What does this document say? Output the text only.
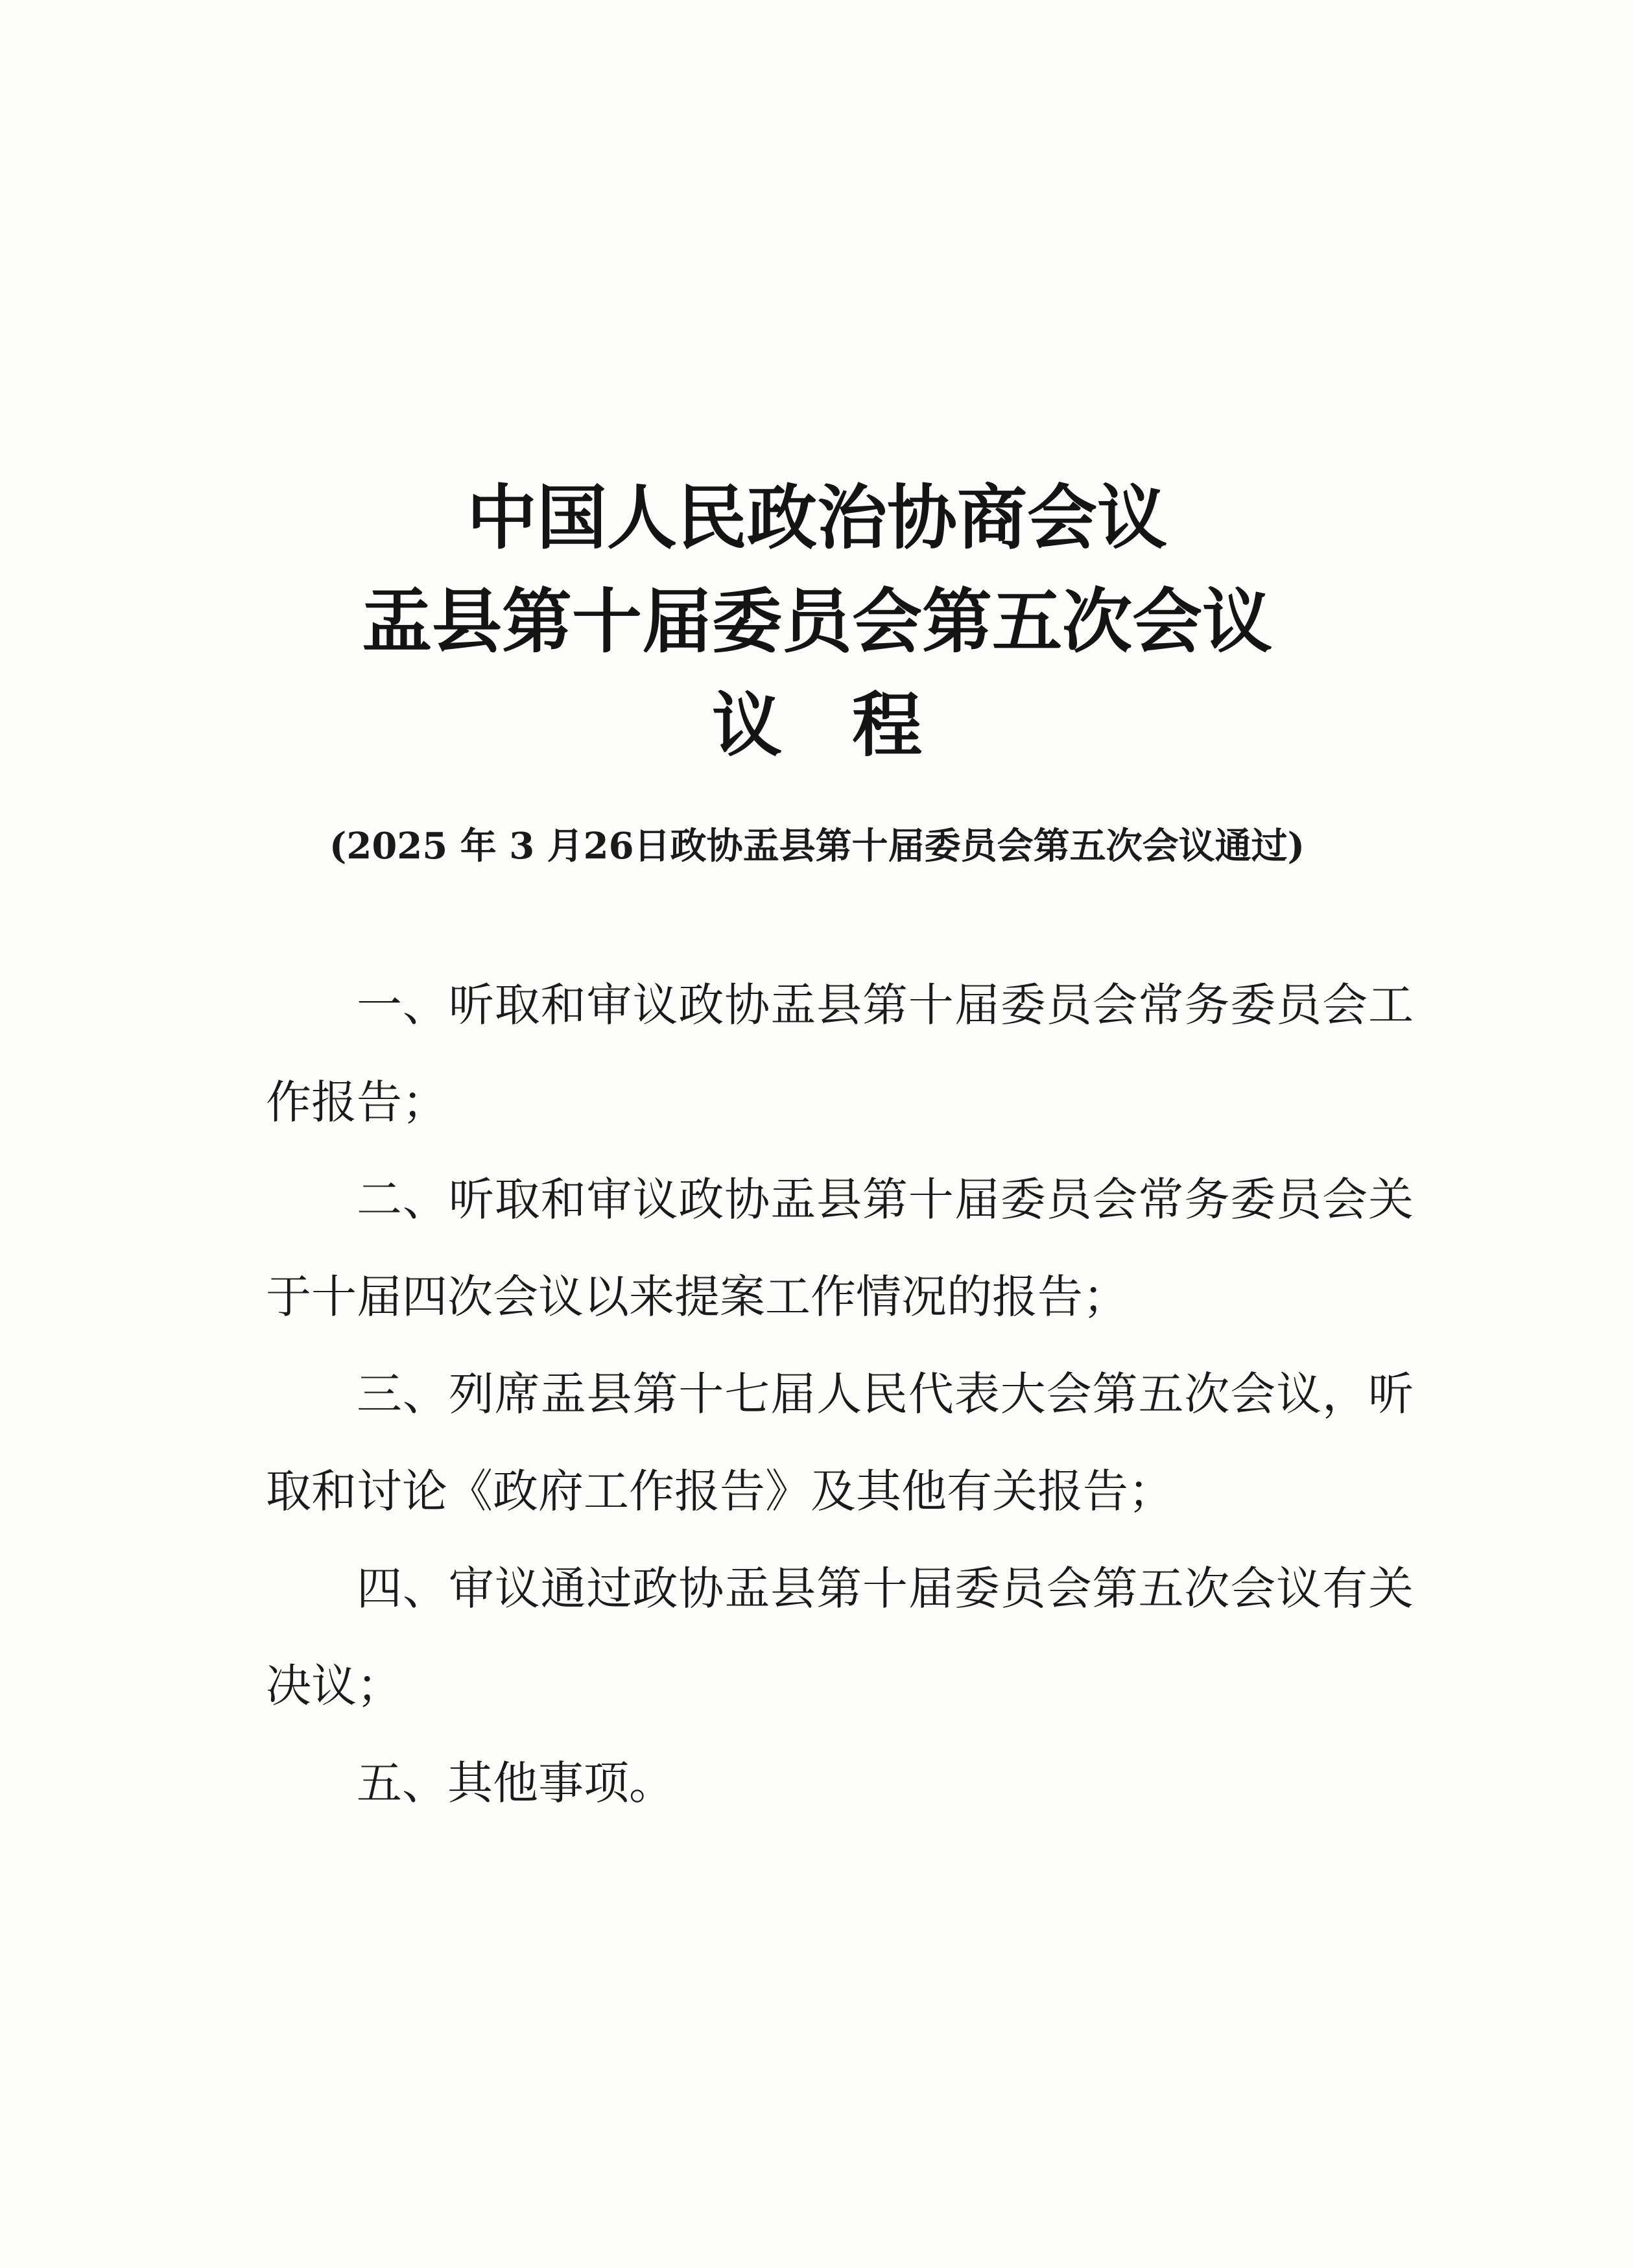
中国人民政治协商会议
盂县第十届委员会第五次会议
议　程
(2025 年 3 月26日政协盂县第十届委员会第五次会议通过)

一、听取和审议政协盂县第十届委员会常务委员会工作报告；

二、听取和审议政协盂县第十届委员会常务委员会关于十届四次会议以来提案工作情况的报告；

三、列席盂县第十七届人民代表大会第五次会议，听取和讨论《政府工作报告》及其他有关报告；

四、审议通过政协盂县第十届委员会第五次会议有关决议；

五、其他事项。
